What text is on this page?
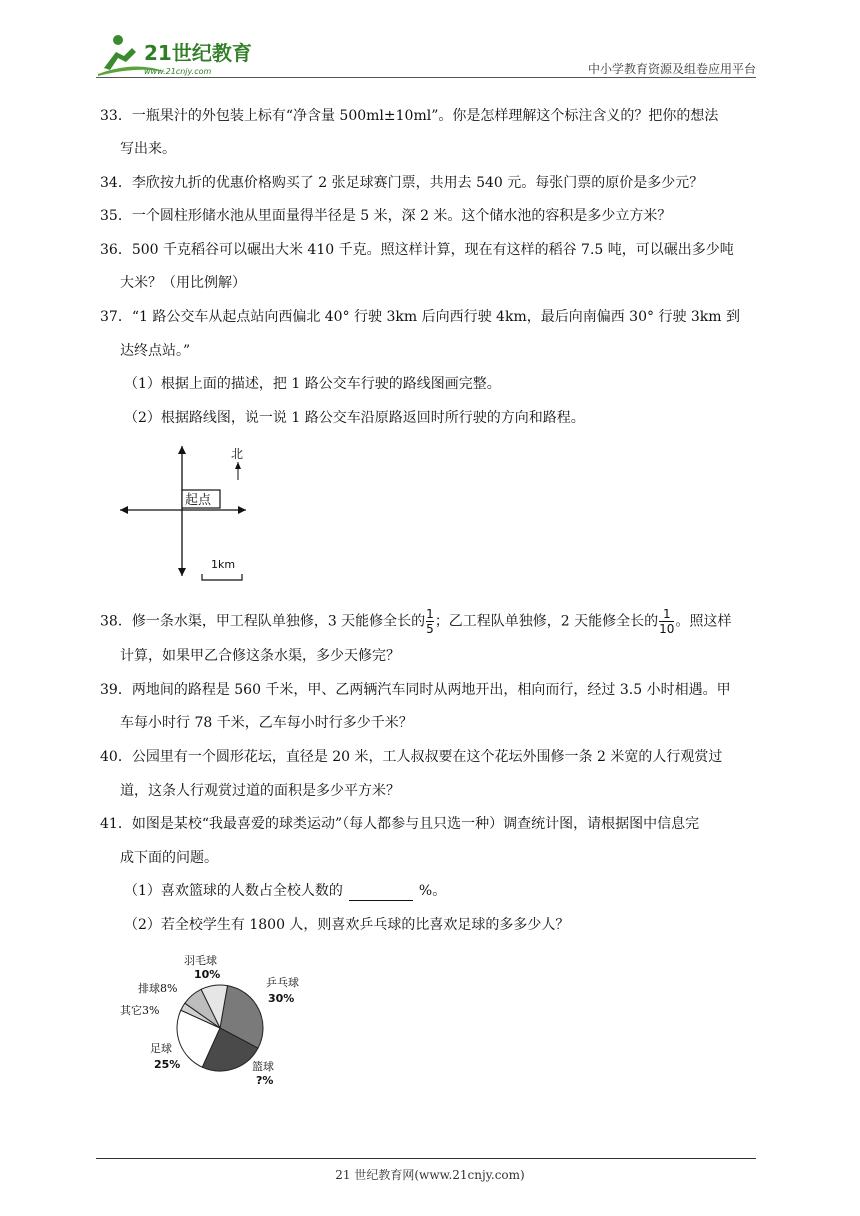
21世纪教育
www.21cnjy.com	中小学教育资源及组卷应用平台
33．一瓶果汁的外包装上标有“净含量 500ml±10ml”。你是怎样理解这个标注含义的？把你的想法
写出来。
34．李欣按九折的优惠价格购买了 2 张足球赛门票，共用去 540 元。每张门票的原价是多少元？
35．一个圆柱形储水池从里面量得半径是 5 米，深 2 米。这个储水池的容积是多少立方米？
36．500 千克稻谷可以碾出大米 410 千克。照这样计算，现在有这样的稻谷 7.5 吨，可以碾出多少吨
大米？（用比例解）
37．“1 路公交车从起点站向西偏北 40° 行驶 3km 后向西行驶 4km，最后向南偏西 30° 行驶 3km 到
达终点站。”
（1）根据上面的描述，把 1 路公交车行驶的路线图画完整。
（2）根据路线图，说一说 1 路公交车沿原路返回时所行驶的方向和路程。
起点
北
1km
38．修一条水渠，甲工程队单独修，3 天能修全长的 $\frac{1}{5}$ ；乙工程队单独修，2 天能修全长的 $\frac{1}{10}$ 。照这样
计算，如果甲乙合修这条水渠，多少天修完？
39．两地间的路程是 560 千米，甲、乙两辆汽车同时从两地开出，相向而行，经过 3.5 小时相遇。甲
车每小时行 78 千米，乙车每小时行多少千米？
40．公园里有一个圆形花坛，直径是 20 米，工人叔叔要在这个花坛外围修一条 2 米宽的人行观赏过
道，这条人行观赏过道的面积是多少平方米？
41．如图是某校“我最喜爱的球类运动”（每人都参与且只选一种）调查统计图，请根据图中信息完
成下面的问题。
（1）喜欢篮球的人数占全校人数的	%。
（2）若全校学生有 1800 人，则喜欢乒乓球的比喜欢足球的多多少人？
乒乓球
30%
篮球
?%
足球
25%
其它3%
排球8%
羽毛球
10%
21 世纪教育网(www.21cnjy.com)
